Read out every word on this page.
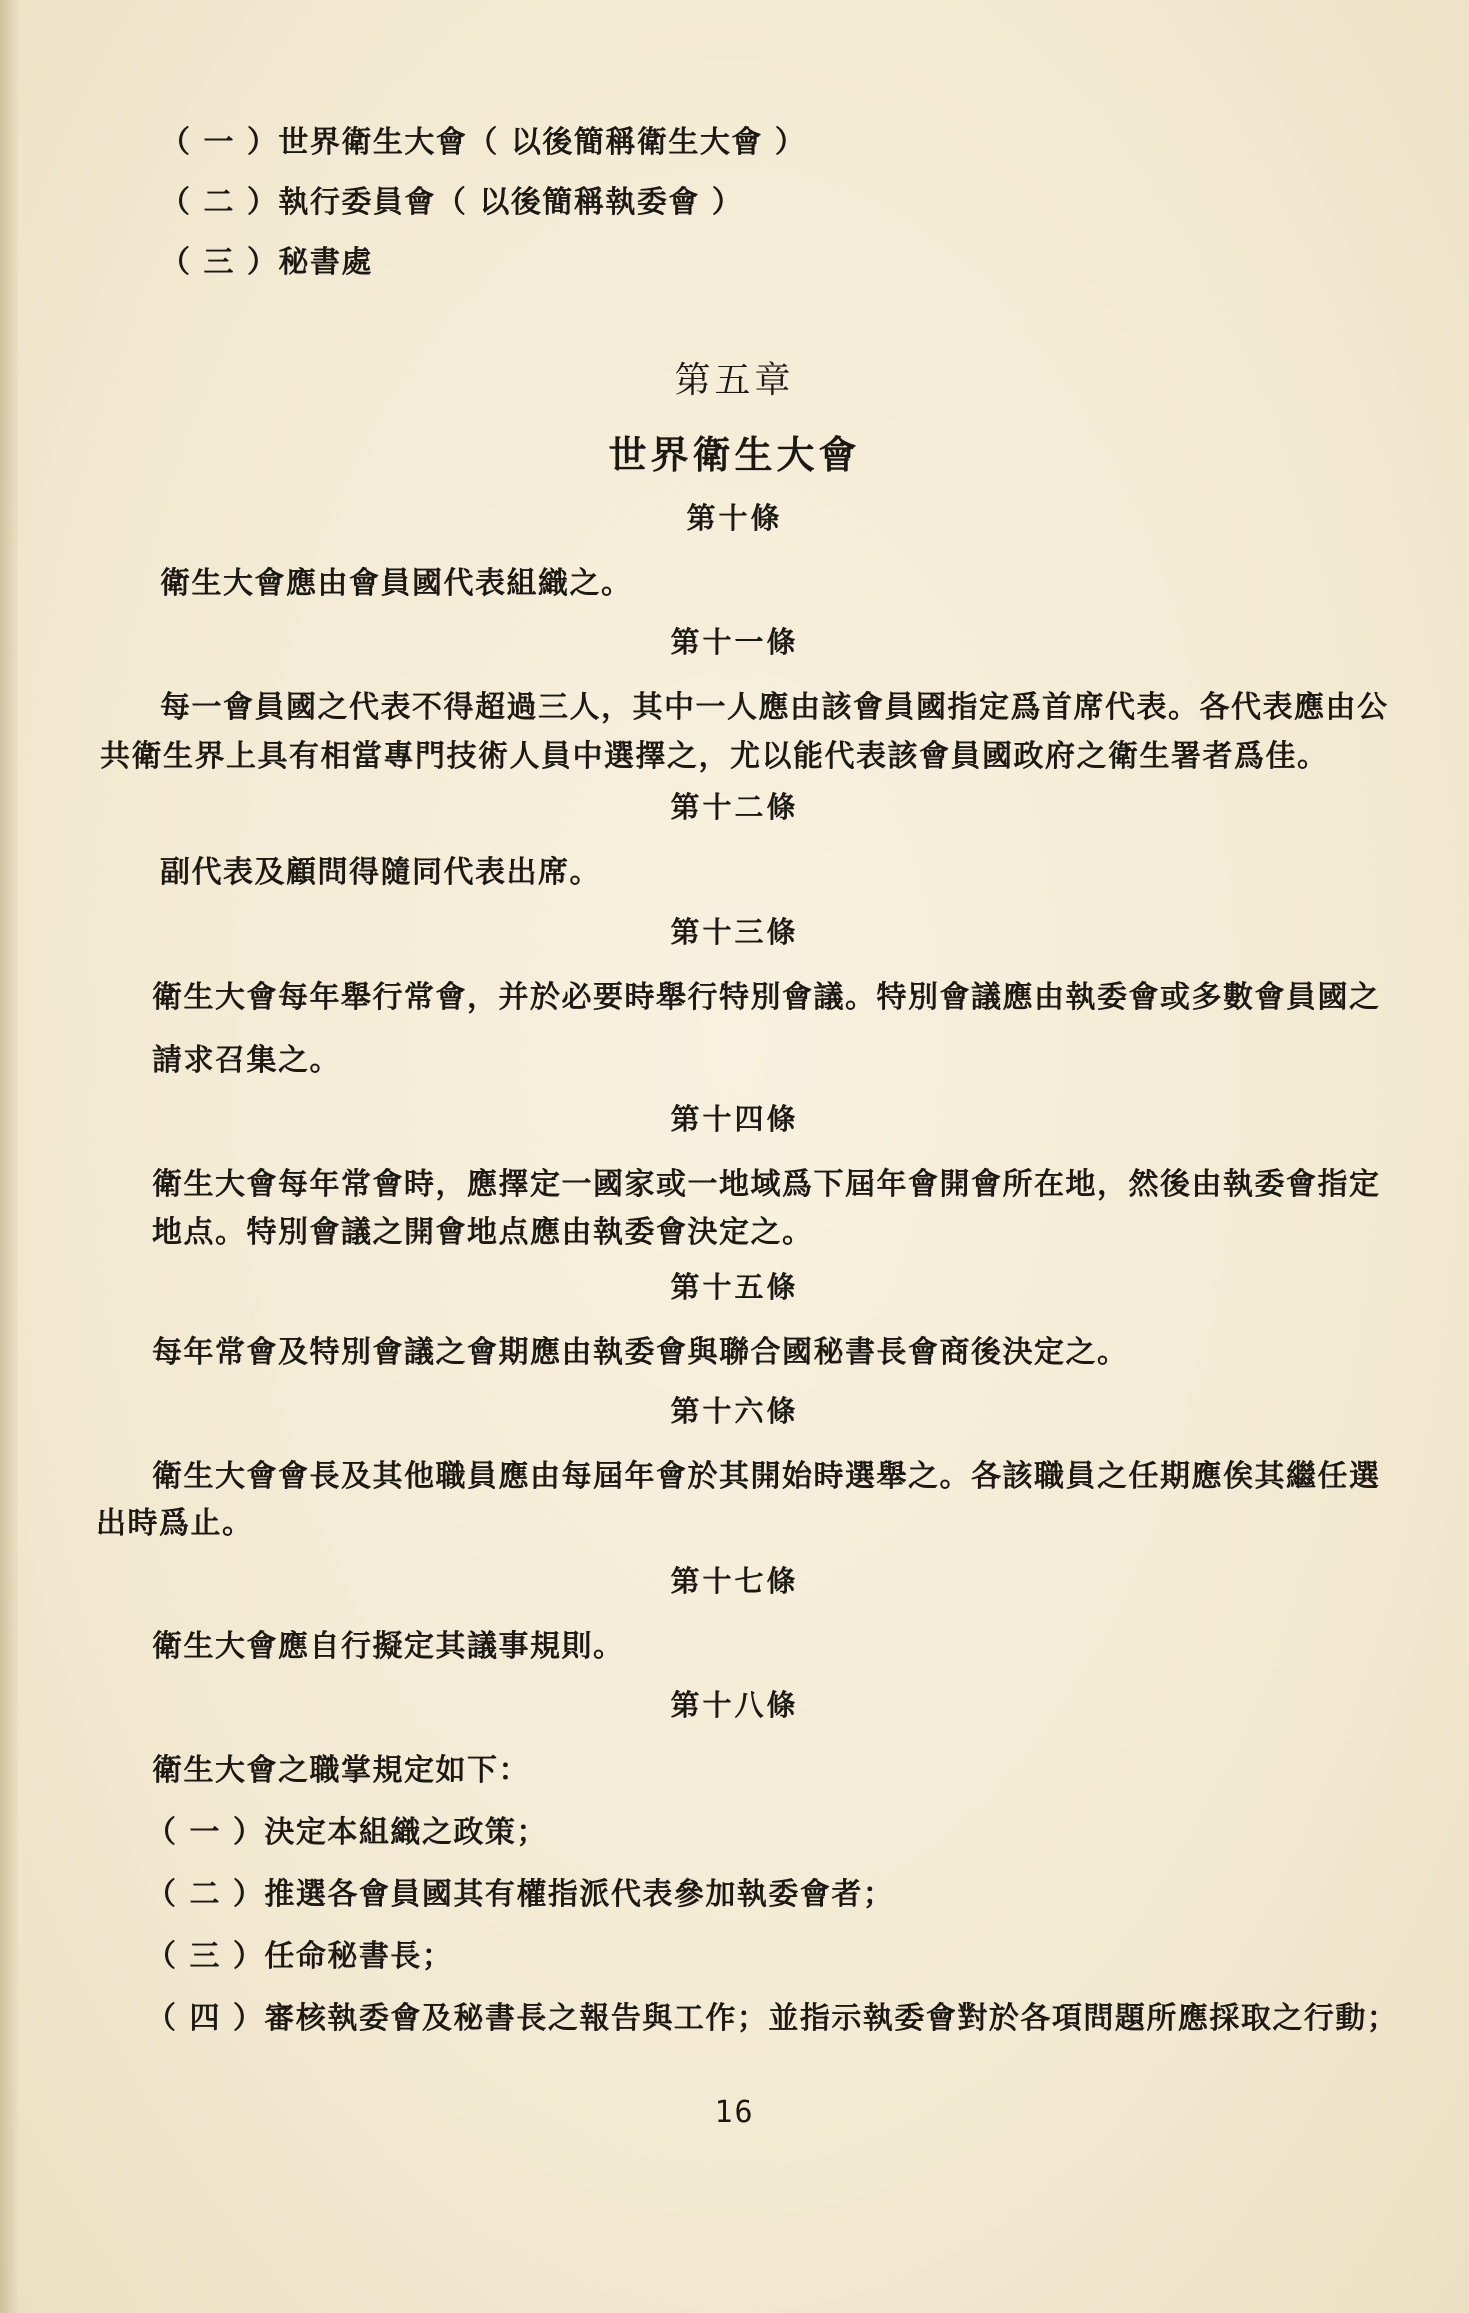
（ 一 ）世界衛生大會（ 以後簡稱衛生大會 ）
（ 二 ）執行委員會（ 以後簡稱執委會 ）
（ 三 ）秘書處
第五章
世界衛生大會
第十條
衛生大會應由會員國代表組織之。
第十一條
每一會員國之代表不得超過三人，其中一人應由該會員國指定爲首席代表。各代表應由公
共衛生界上具有相當專門技術人員中選擇之，尤以能代表該會員國政府之衛生署者爲佳。
第十二條
副代表及顧問得隨同代表出席。
第十三條
衛生大會每年舉行常會，并於必要時舉行特別會議。特別會議應由執委會或多數會員國之
請求召集之。
第十四條
衛生大會每年常會時，應擇定一國家或一地域爲下屆年會開會所在地，然後由執委會指定
地点。特別會議之開會地点應由執委會決定之。
第十五條
每年常會及特別會議之會期應由執委會與聯合國秘書長會商後決定之。
第十六條
衛生大會會長及其他職員應由每屆年會於其開始時選舉之。各該職員之任期應俟其繼任選
出時爲止。
第十七條
衛生大會應自行擬定其議事規則。
第十八條
衛生大會之職掌規定如下：
（ 一 ）決定本組織之政策；
（ 二 ）推選各會員國其有權指派代表參加執委會者；
（ 三 ）任命秘書長；
（ 四 ）審核執委會及秘書長之報告與工作；並指示執委會對於各項問題所應採取之行動；
16
